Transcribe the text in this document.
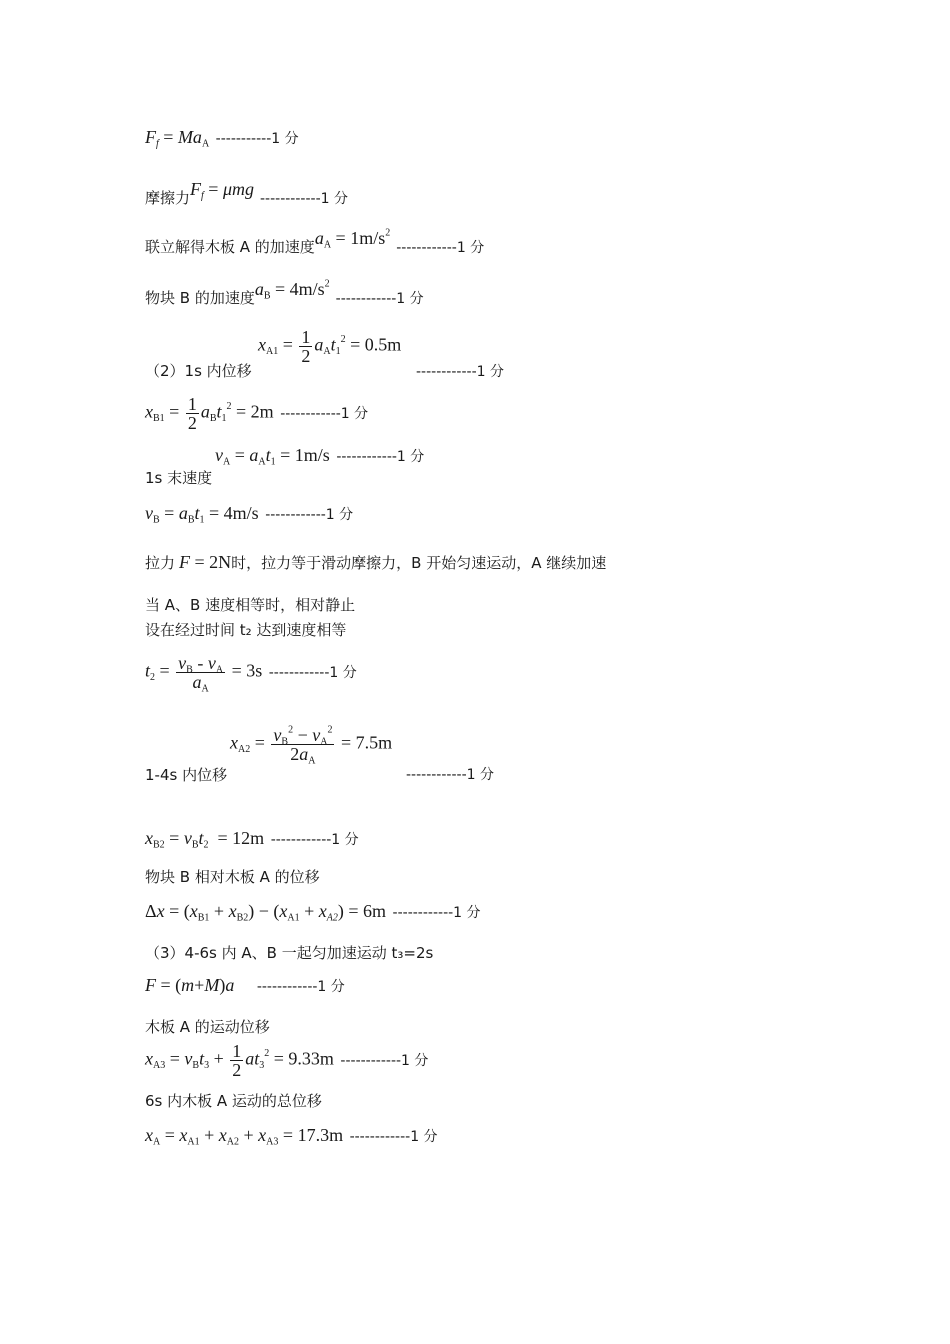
$F_f = Ma_A$ -----------1 分
摩擦力$F_f = \mu mg$ ------------1 分
联立解得木板 A 的加速度$a_A = 1m/s^2$ ------------1 分
物块 B 的加速度$a_B = 4m/s^2$ ------------1 分
（2）1s 内位移
$x_{A1} = \frac{1}{2} a_At_1^2 = 0.5m$
------------1 分
$x_{B1} = \frac{1}{2} a_Bt_1^2 = 2m$ ------------1 分
$v_A = a_At_1 = 1m/s$ ------------1 分
1s 末速度
$v_B = a_Bt_1 = 4m/s$ ------------1 分
拉力 F = 2N时，拉力等于滑动摩擦力，B 开始匀速运动，A 继续加速
当 A、B 速度相等时，相对静止
设在经过时间 t₂ 达到速度相等
$t_2 = \frac{v_B - v_A}{a_A} = 3s$ ------------1 分
$x_{A2} = \frac{v_B^2 - v_A^2}{2a_A} = 7.5m$
1-4s 内位移	------------1 分
$x_{B2} = v_Bt_2 = 12m$ ------------1 分
物块 B 相对木板 A 的位移
$\Delta x = (x_{B1} + x_{B2}) - (x_{A1} + x_{A2}) = 6m$ ------------1 分
（3）4-6s 内 A、B 一起匀加速运动 t₃=2s
F = (m+M)a ------------1 分
木板 A 的运动位移
$x_{A3} = v_Bt_3 + \frac{1}{2} at_3^2 = 9.33m$ ------------1 分
6s 内木板 A 运动的总位移
$x_A = x_{A1} + x_{A2} + x_{A3} = 17.3m$ ------------1 分
